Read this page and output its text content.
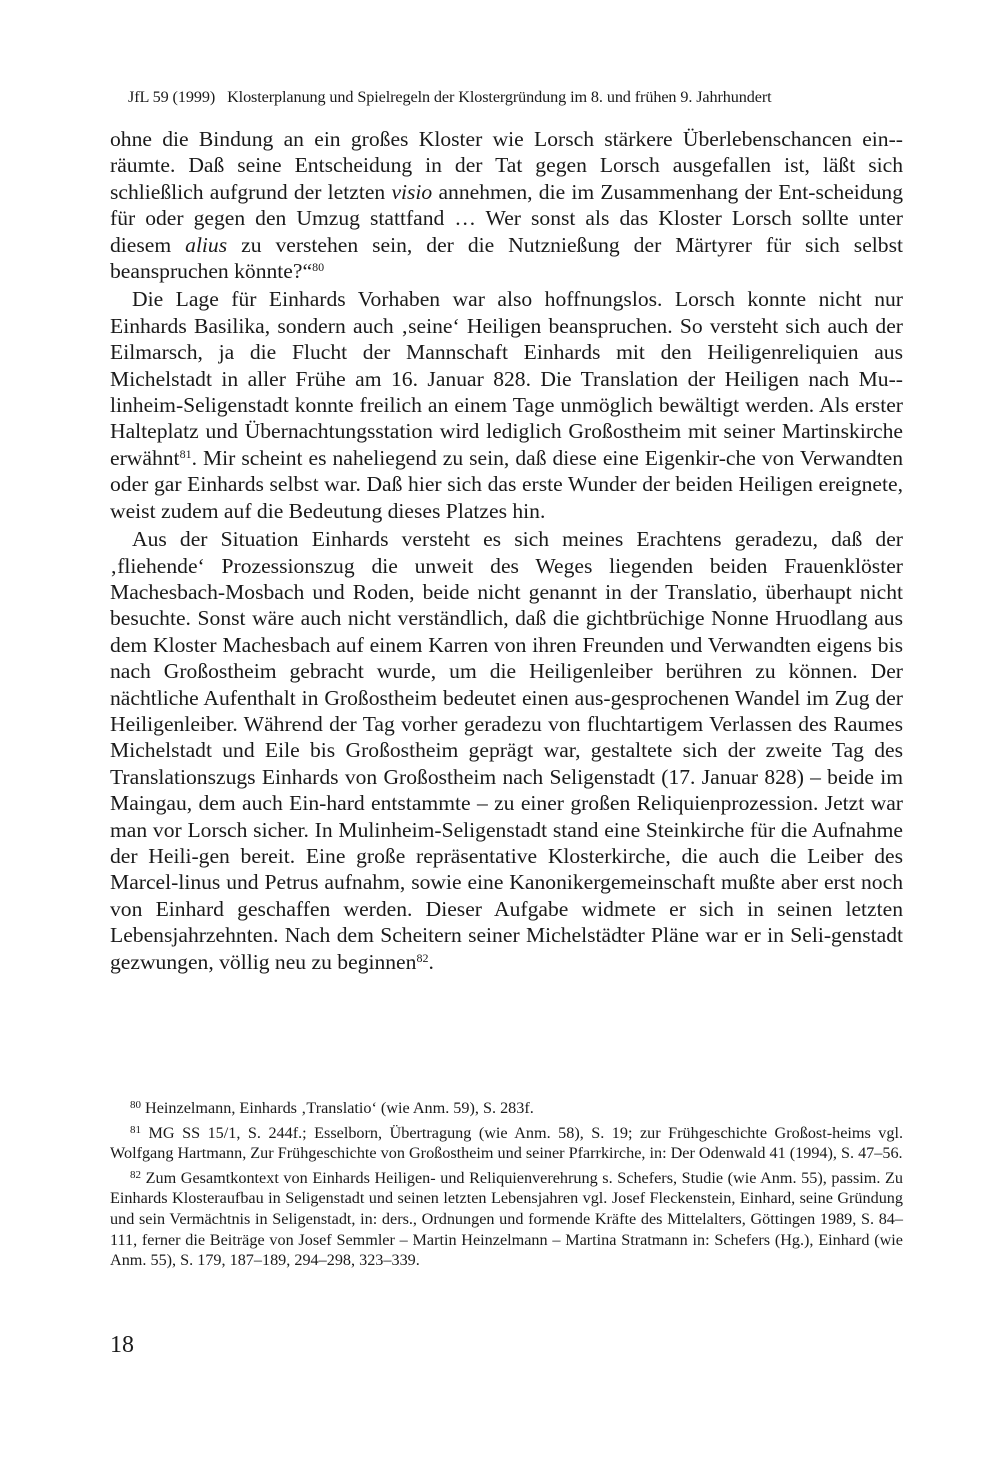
JfL 59 (1999) Klosterplanung und Spielregeln der Klostergründung im 8. und frühen 9. Jahrhundert

ohne die Bindung an ein großes Kloster wie Lorsch stärkere Überlebenschancen ein-räumte. Daß seine Entscheidung in der Tat gegen Lorsch ausgefallen ist, läßt sich schließlich aufgrund der letzten visio annehmen, die im Zusammenhang der Ent-scheidung für oder gegen den Umzug stattfand … Wer sonst als das Kloster Lorsch sollte unter diesem alius zu verstehen sein, der die Nutznießung der Märtyrer für sich selbst beanspruchen könnte?“$^{80}$

Die Lage für Einhards Vorhaben war also hoffnungslos. Lorsch konnte nicht nur Einhards Basilika, sondern auch ‚seine‘ Heiligen beanspruchen. So versteht sich auch der Eilmarsch, ja die Flucht der Mannschaft Einhards mit den Heiligenreliquien aus Michelstadt in aller Frühe am 16. Januar 828. Die Translation der Heiligen nach Mu-linheim-Seligenstadt konnte freilich an einem Tage unmöglich bewältigt werden. Als erster Halteplatz und Übernachtungsstation wird lediglich Großostheim mit seiner Martinskirche erwähnt$^{81}$. Mir scheint es naheliegend zu sein, daß diese eine Eigenkir-che von Verwandten oder gar Einhards selbst war. Daß hier sich das erste Wunder der beiden Heiligen ereignete, weist zudem auf die Bedeutung dieses Platzes hin.

Aus der Situation Einhards versteht es sich meines Erachtens geradezu, daß der ‚fliehende‘ Prozessionszug die unweit des Weges liegenden beiden Frauenklöster Machesbach-Mosbach und Roden, beide nicht genannt in der Translatio, überhaupt nicht besuchte. Sonst wäre auch nicht verständlich, daß die gichtbrüchige Nonne Hruodlang aus dem Kloster Machesbach auf einem Karren von ihren Freunden und Verwandten eigens bis nach Großostheim gebracht wurde, um die Heiligenleiber berühren zu können. Der nächtliche Aufenthalt in Großostheim bedeutet einen aus-gesprochenen Wandel im Zug der Heiligenleiber. Während der Tag vorher geradezu von fluchtartigem Verlassen des Raumes Michelstadt und Eile bis Großostheim geprägt war, gestaltete sich der zweite Tag des Translationszugs Einhards von Großostheim nach Seligenstadt (17. Januar 828) – beide im Maingau, dem auch Ein-hard entstammte – zu einer großen Reliquienprozession. Jetzt war man vor Lorsch sicher. In Mulinheim-Seligenstadt stand eine Steinkirche für die Aufnahme der Heili-gen bereit. Eine große repräsentative Klosterkirche, die auch die Leiber des Marcel-linus und Petrus aufnahm, sowie eine Kanonikergemeinschaft mußte aber erst noch von Einhard geschaffen werden. Dieser Aufgabe widmete er sich in seinen letzten Lebensjahrzehnten. Nach dem Scheitern seiner Michelstädter Pläne war er in Seli-genstadt gezwungen, völlig neu zu beginnen$^{82}$.

$^{80}$ Heinzelmann, Einhards ‚Translatio‘ (wie Anm. 59), S. 283f.
$^{81}$ MG SS 15/1, S. 244f.; Esselborn, Übertragung (wie Anm. 58), S. 19; zur Frühgeschichte Großost-heims vgl. Wolfgang Hartmann, Zur Frühgeschichte von Großostheim und seiner Pfarrkirche, in: Der Odenwald 41 (1994), S. 47–56.
$^{82}$ Zum Gesamtkontext von Einhards Heiligen- und Reliquienverehrung s. Schefers, Studie (wie Anm. 55), passim. Zu Einhards Klosteraufbau in Seligenstadt und seinen letzten Lebensjahren vgl. Josef Fleckenstein, Einhard, seine Gründung und sein Vermächtnis in Seligenstadt, in: ders., Ordnungen und formende Kräfte des Mittelalters, Göttingen 1989, S. 84–111, ferner die Beiträge von Josef Semmler – Martin Heinzelmann – Martina Stratmann in: Schefers (Hg.), Einhard (wie Anm. 55), S. 179, 187–189, 294–298, 323–339.
18
